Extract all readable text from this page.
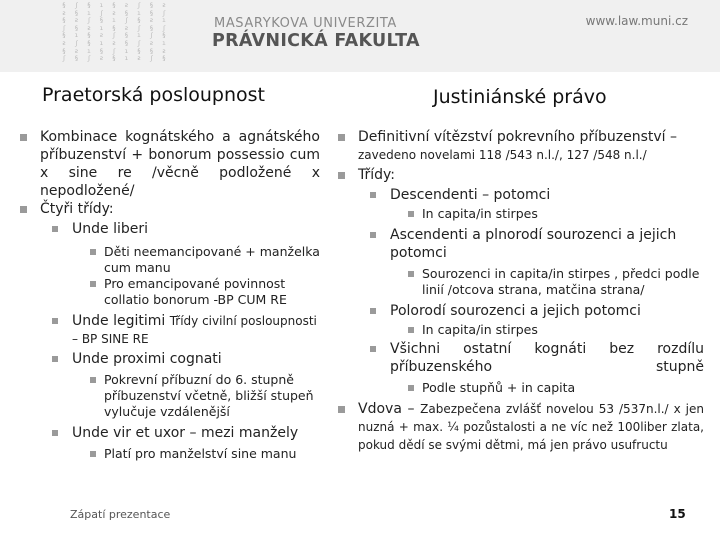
§ ʃ § ı § ƨ ʃ § ƨ
ƨ § ı ʃ ƨ § ı § ʃ
§ ƨ ʃ § ı ʃ § ƨ ı
ʃ § ƨ ı § ƨ ʃ § ʃ
§ ı § ƨ ʃ § ı ʃ §
ƨ ʃ § ı ƨ § ʃ ƨ ı
§ ƨ ı § ʃ ı § § ƨ
ʃ § ʃ ƨ § ı ƨ ʃ §
MASARYKOVA UNIVERZITA
PRÁVNICKÁ FAKULTA
www.law.muni.cz
Praetorská posloupnost	Justiniánské právo
Kombinace kognátského a agnátského příbuzenství + bonorum possessio cum x sine re /věcně podložené x nepodložené/
Čtyři třídy:
Unde liberi
Děti neemancipované + manželka cum manu
Pro emancipované povinnost collatio bonorum -BP CUM RE
Unde legitimi Třídy civilní posloupnosti – BP SINE RE
Unde proximi cognati
Pokrevní příbuzní do 6. stupně příbuzenství včetně, bližší stupeň vylučuje vzdálenější
Unde vir et uxor – mezi manžely
Platí pro manželství sine manu
Definitivní vítězství pokrevního příbuzenství –
zavedeno novelami 118 /543 n.l./, 127 /548 n.l./
Třídy:
Descendenti – potomci
In capita/in stirpes
Ascendenti a plnorodí sourozenci a jejich potomci
Sourozenci in capita/in stirpes , předci podle linií /otcova strana, matčina strana/
Polorodí sourozenci a jejich potomci
In capita/in stirpes
Všichni ostatní kognáti bez rozdílu příbuzenského stupně
Podle stupňů + in capita
Vdova – Zabezpečena zvlášť novelou 53 /537n.l./ x jen nuzná + max. ¼ pozůstalosti a ne víc než 100liber zlata, pokud dědí se svými dětmi, má jen právo usufructu
Zápatí prezentace	15
